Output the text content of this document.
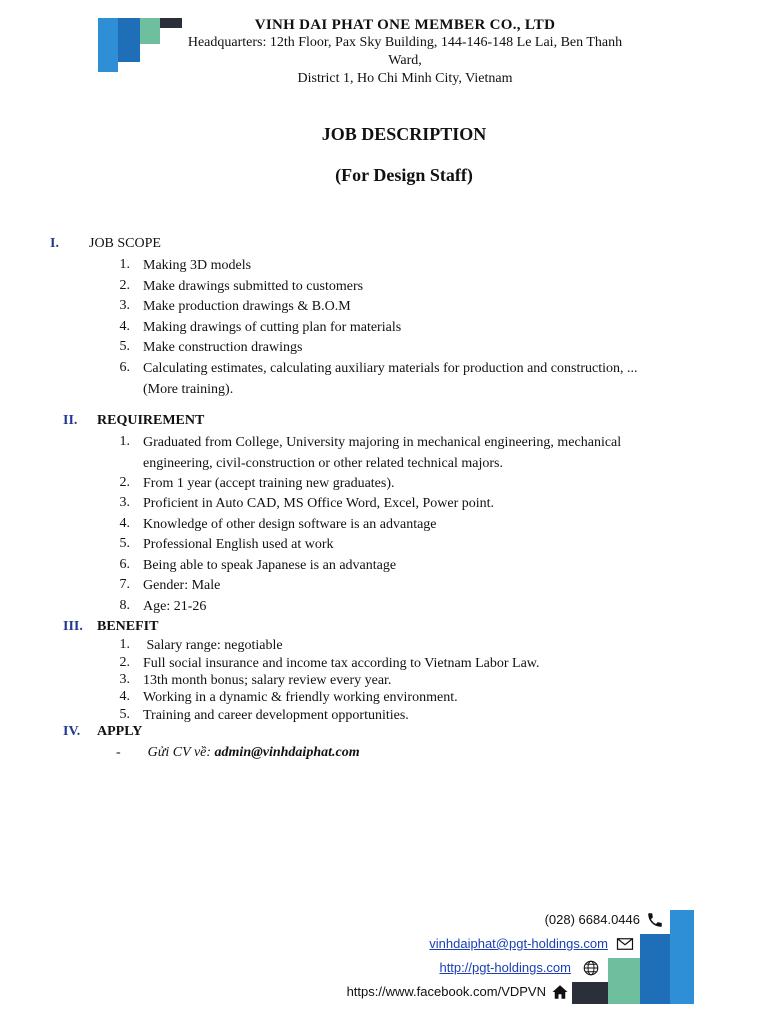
VINH DAI PHAT ONE MEMBER CO., LTD
Headquarters: 12th Floor, Pax Sky Building, 144-146-148 Le Lai, Ben Thanh
Ward,
District 1, Ho Chi Minh City, Vietnam
JOB DESCRIPTION
(For Design Staff)
I. JOB SCOPE
1. Making 3D models
2. Make drawings submitted to customers
3. Make production drawings & B.O.M
4. Making drawings of cutting plan for materials
5. Make construction drawings
6. Calculating estimates, calculating auxiliary materials for production and construction, ...
(More training).
II. REQUIREMENT
1. Graduated from College, University majoring in mechanical engineering, mechanical
engineering, civil-construction or other related technical majors.
2. From 1 year (accept training new graduates).
3. Proficient in Auto CAD, MS Office Word, Excel, Power point.
4. Knowledge of other design software is an advantage
5. Professional English used at work
6. Being able to speak Japanese is an advantage
7. Gender: Male
8. Age: 21-26
III. BENEFIT
1. Salary range: negotiable
2. Full social insurance and income tax according to Vietnam Labor Law.
3. 13th month bonus; salary review every year.
4. Working in a dynamic & friendly working environment.
5. Training and career development opportunities.
IV. APPLY
- Gửi CV về: admin@vinhdaiphat.com
(028) 6684.0446
vinhdaiphat@pgt-holdings.com
http://pgt-holdings.com
https://www.facebook.com/VDPVN
